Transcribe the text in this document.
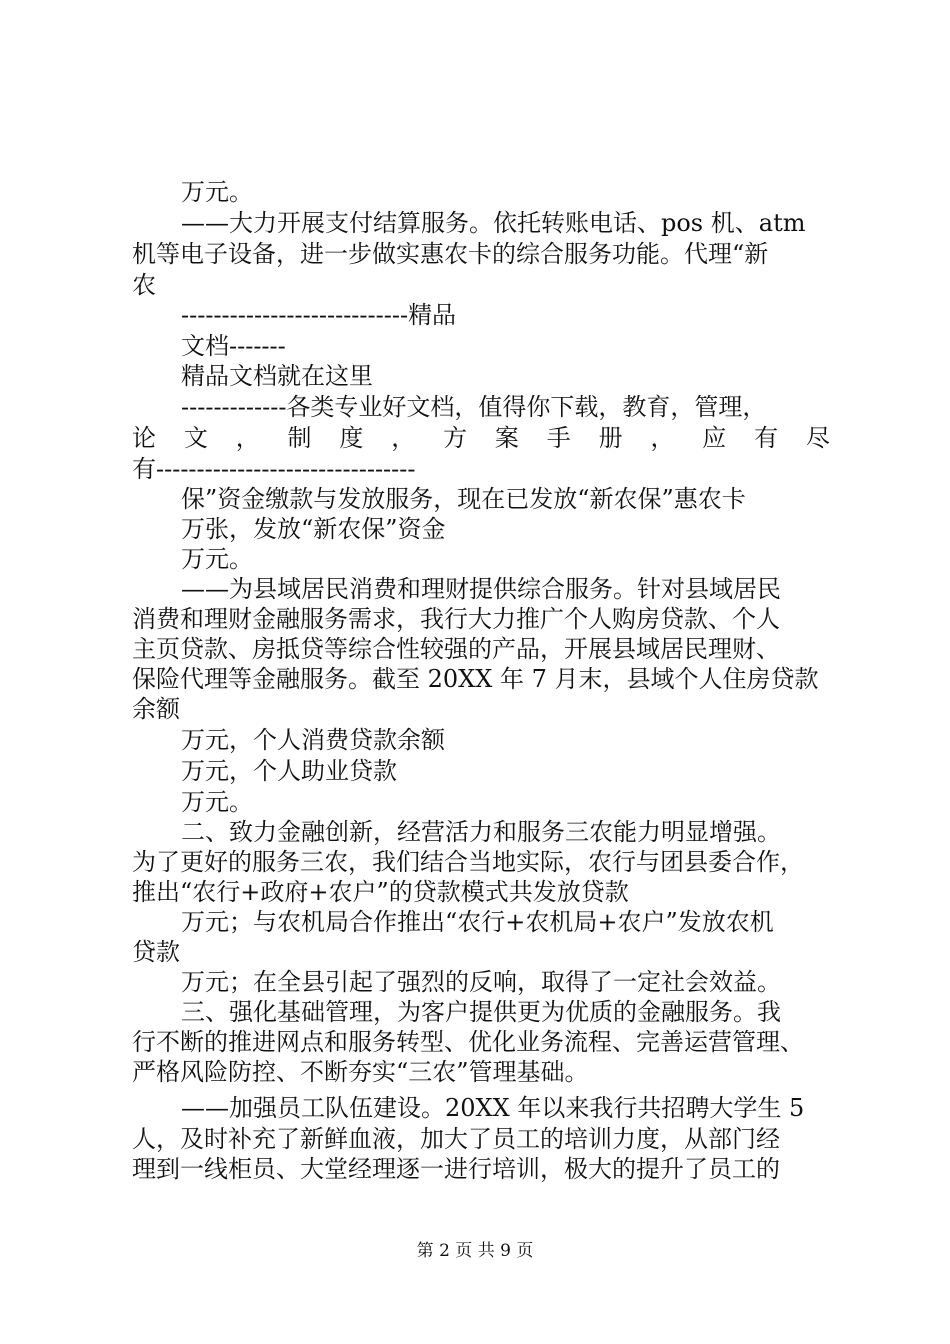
万元。
——大力开展支付结算服务。依托转账电话、pos 机、atm
机等电子设备，进一步做实惠农卡的综合服务功能。代理“新
农
----------------------------精品
文档-------
精品文档就在这里
-------------各类专业好文档，值得你下载，教育，管理，
论 文 ， 制 度 ， 方 案 手 册 ， 应 有 尽
有--------------------------------
保”资金缴款与发放服务，现在已发放“新农保”惠农卡
万张，发放“新农保”资金
万元。
——为县域居民消费和理财提供综合服务。针对县域居民
消费和理财金融服务需求，我行大力推广个人购房贷款、个人
主页贷款、房抵贷等综合性较强的产品，开展县域居民理财、
保险代理等金融服务。截至 20XX 年 7 月末，县域个人住房贷款
余额
万元，个人消费贷款余额
万元，个人助业贷款
万元。
二、致力金融创新，经营活力和服务三农能力明显增强。
为了更好的服务三农，我们结合当地实际，农行与团县委合作，
推出“农行+政府+农户”的贷款模式共发放贷款
万元；与农机局合作推出“农行+农机局+农户”发放农机
贷款
万元；在全县引起了强烈的反响，取得了一定社会效益。
三、强化基础管理，为客户提供更为优质的金融服务。我
行不断的推进网点和服务转型、优化业务流程、完善运营管理、
严格风险防控、不断夯实“三农”管理基础。
——加强员工队伍建设。20XX 年以来我行共招聘大学生 5
人，及时补充了新鲜血液，加大了员工的培训力度，从部门经
理到一线柜员、大堂经理逐一进行培训，极大的提升了员工的
第 2 页 共 9 页
